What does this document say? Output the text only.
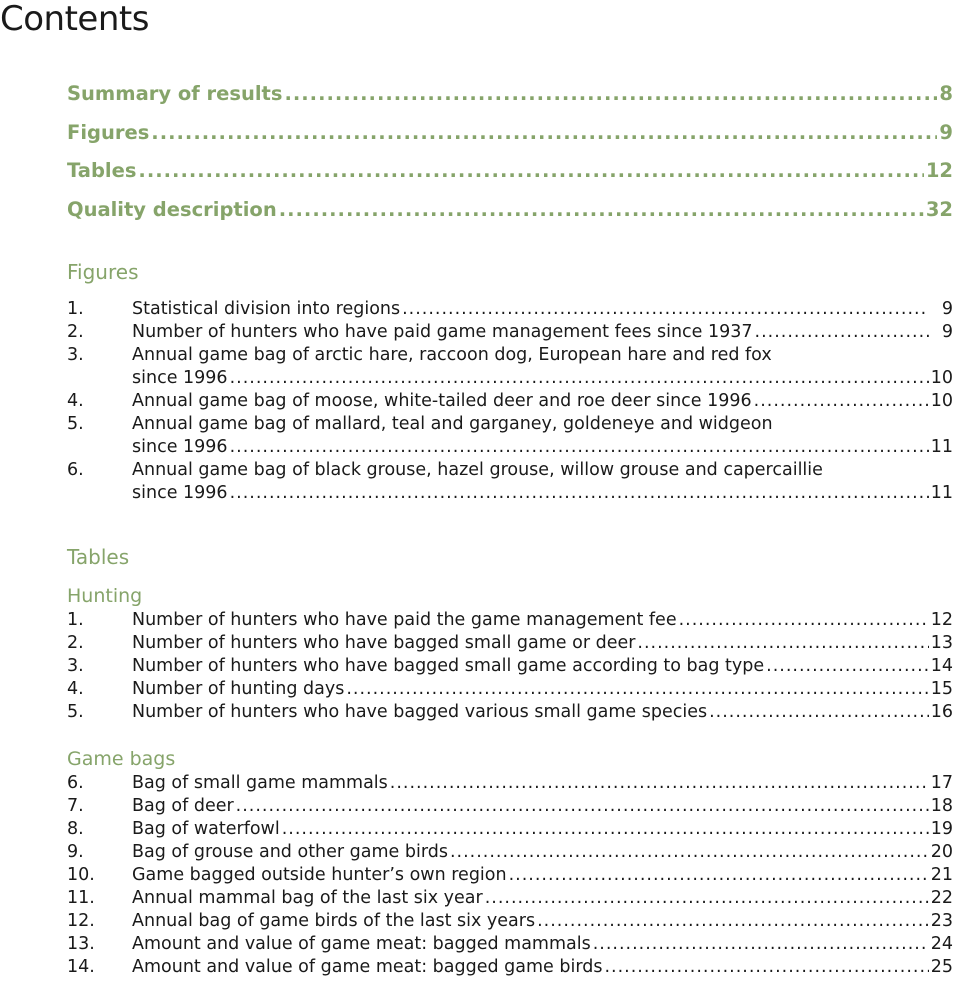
Contents
Summary of results .....	8
Figures .....	9
Tables .....	12
Quality description .....	32
Figures
1.	Statistical division into regions .....	9
2.	Number of hunters who have paid game management fees since 1937 .....	9
3.	Annual game bag of arctic hare, raccoon dog, European hare and red fox
since 1996 .....	10
4.	Annual game bag of moose, white-tailed deer and roe deer since 1996 .....	10
5.	Annual game bag of mallard, teal and garganey, goldeneye and widgeon
since 1996 .....	11
6.	Annual game bag of black grouse, hazel grouse, willow grouse and capercaillie
since 1996 .....	11
Tables
Hunting
1.	Number of hunters who have paid the game management fee .....	12
2.	Number of hunters who have bagged small game or deer .....	13
3.	Number of hunters who have bagged small game according to bag type .....	14
4.	Number of hunting days .....	15
5.	Number of hunters who have bagged various small game species .....	16
Game bags
6.	Bag of small game mammals .....	17
7.	Bag of deer .....	18
8.	Bag of waterfowl .....	19
9.	Bag of grouse and other game birds .....	20
10.	Game bagged outside hunter’s own region .....	21
11.	Annual mammal bag of the last six year .....	22
12.	Annual bag of game birds of the last six years .....	23
13.	Amount and value of game meat: bagged mammals .....	24
14.	Amount and value of game meat: bagged game birds .....	25
